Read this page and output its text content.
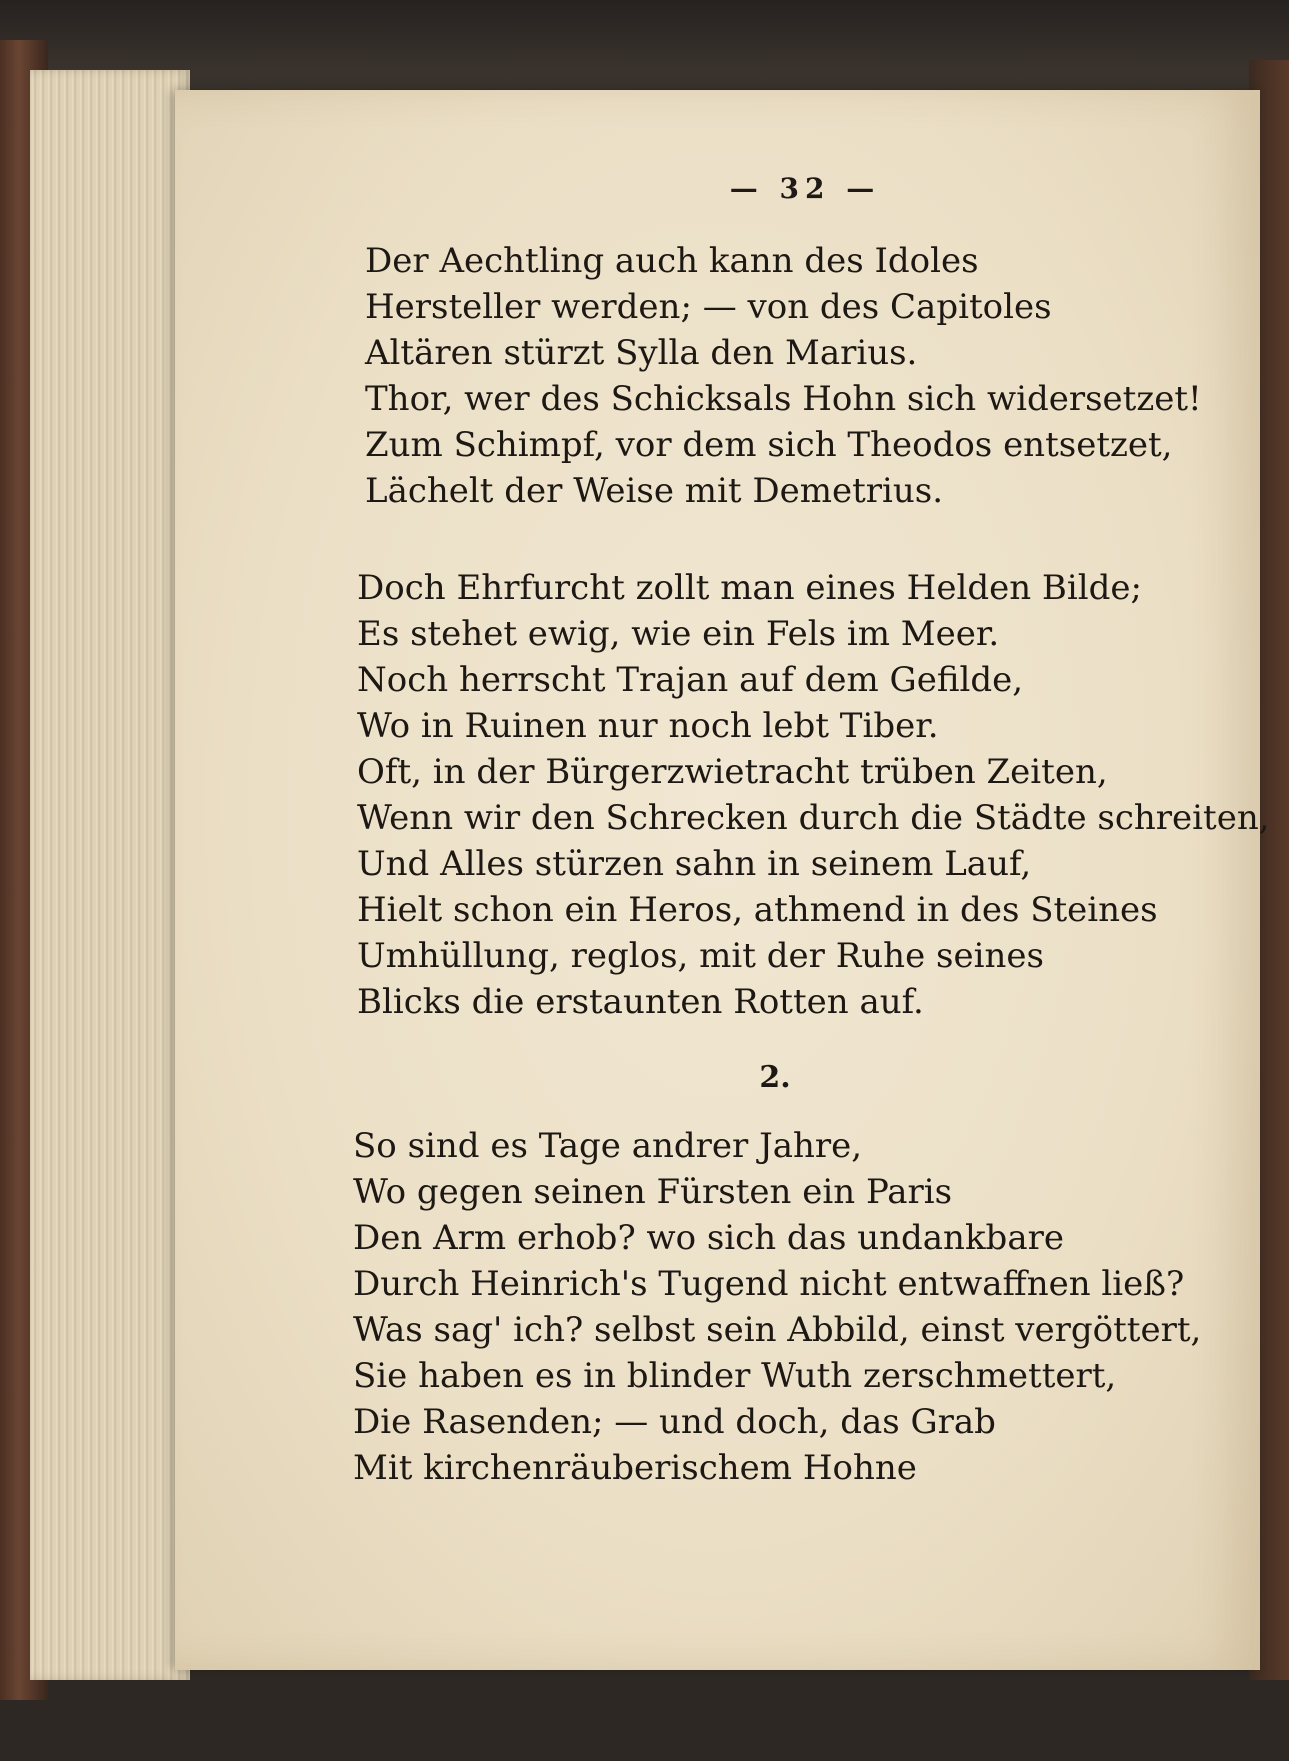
— 32 —
Der Aechtling auch kann des Idoles
Hersteller werden; — von des Capitoles
Altären stürzt Sylla den Marius.
Thor, wer des Schicksals Hohn sich widersetzet!
Zum Schimpf, vor dem sich Theodos entsetzet,
Lächelt der Weise mit Demetrius.
Doch Ehrfurcht zollt man eines Helden Bilde;
Es stehet ewig, wie ein Fels im Meer.
Noch herrscht Trajan auf dem Gefilde,
Wo in Ruinen nur noch lebt Tiber.
Oft, in der Bürgerzwietracht trüben Zeiten,
Wenn wir den Schrecken durch die Städte schreiten,
Und Alles stürzen sahn in seinem Lauf,
Hielt schon ein Heros, athmend in des Steines
Umhüllung, reglos, mit der Ruhe seines
Blicks die erstaunten Rotten auf.
2.
So sind es Tage andrer Jahre,
Wo gegen seinen Fürsten ein Paris
Den Arm erhob? wo sich das undankbare
Durch Heinrich's Tugend nicht entwaffnen ließ?
Was sag' ich? selbst sein Abbild, einst vergöttert,
Sie haben es in blinder Wuth zerschmettert,
Die Rasenden; — und doch, das Grab
Mit kirchenräuberischem Hohne
